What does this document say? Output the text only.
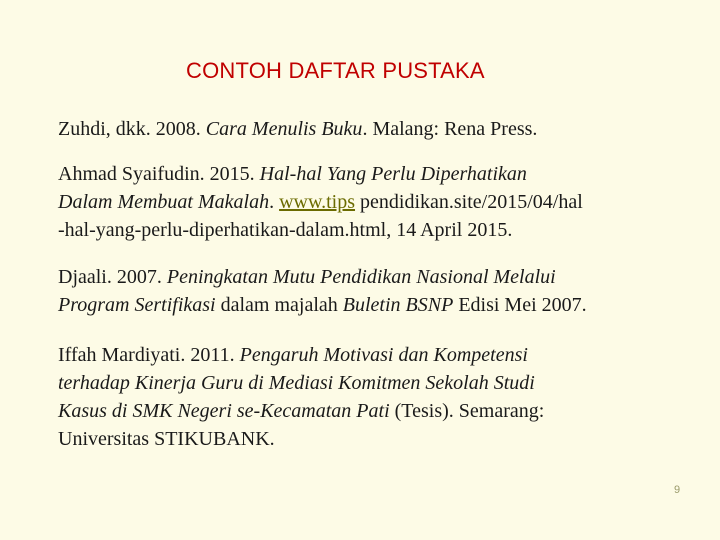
CONTOH DAFTAR PUSTAKA
Zuhdi, dkk. 2008. Cara Menulis Buku. Malang: Rena Press.
Ahmad Syaifudin. 2015. Hal-hal Yang Perlu Diperhatikan
Dalam Membuat Makalah. www.tips pendidikan.site/2015/04/hal
-hal-yang-perlu-diperhatikan-dalam.html, 14 April 2015.
Djaali. 2007. Peningkatan Mutu Pendidikan Nasional Melalui
Program Sertifikasi dalam majalah Buletin BSNP Edisi Mei 2007.
Iffah Mardiyati. 2011. Pengaruh Motivasi dan Kompetensi
terhadap Kinerja Guru di Mediasi Komitmen Sekolah Studi
Kasus di SMK Negeri se-Kecamatan Pati (Tesis). Semarang:
Universitas STIKUBANK.
9
